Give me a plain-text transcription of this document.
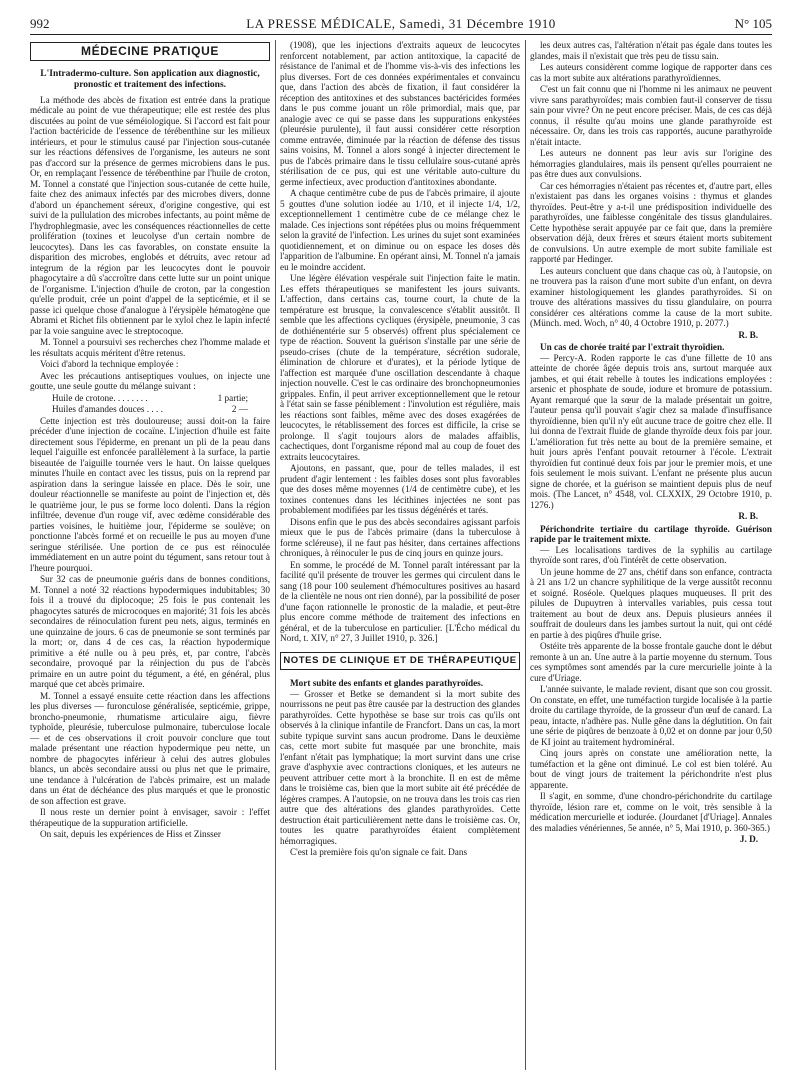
992	LA PRESSE MÉDICALE, Samedi, 31 Décembre 1910	N° 105
MÉDECINE PRATIQUE
L'Intradermo-culture. Son application aux diagnostic, pronostic et traitement des infections.

La méthode des abcès de fixation est entrée dans la pratique médicale au point de vue thérapeutique; elle est restée des plus discutées au point de vue séméiologique. Si l'accord est fait pour l'action bactéricide de l'essence de térébenthine sur les milieux intérieurs, et pour le stimulus causé par l'injection sous-cutanée sur les réactions défensives de l'organisme, les auteurs ne sont pas d'accord sur la présence de germes microbiens dans le pus. Or, en remplaçant l'essence de térébenthine par l'huile de croton, M. Tonnel a constaté que l'injection sous-cutanée de cette huile, faite chez des animaux infectés par des microbes divers, donne d'abord un épanchement séreux, d'origine congestive, qui est suivi de la pullulation des microbes infectants, au point même de l'hydrophlegmasie, avec les conséquences réactionnelles de cette prolifération (toxines et leucolyse d'un certain nombre de leucocytes). Dans les cas favorables, on constate ensuite la disparition des microbes, englobés et détruits, avec retour ad integrum de la région par les leucocytes dont le pouvoir phagocytaire a dû s'accroître dans cette lutte sur un point unique de l'organisme. L'injection d'huile de croton, par la congestion qu'elle produit, crée un point d'appel de la septicémie, et il se passe ici quelque chose d'analogue à l'érysipèle hématogène que Abrami et Richet fils obtiennent par le xylol chez le lapin infecté par la voie sanguine avec le streptocoque.

M. Tonnel a poursuivi ses recherches chez l'homme malade et les résultats acquis méritent d'être retenus.

Voici d'abord la technique employée :

Avec les précautions antiseptiques voulues, on injecte une goutte, une seule goutte du mélange suivant :

Huile de crotone. . . . . . . .	1 partie;
Huiles d'amandes douces . . . .	2 —

Cette injection est très douloureuse; aussi doit-on la faire précéder d'une injection de cocaïne. L'injection d'huile est faite directement sous l'épiderme, en prenant un pli de la peau dans lequel l'aiguille est enfoncée parallèlement à la surface, la partie biseautée de l'aiguille tournée vers le haut. On laisse quelques minutes l'huile en contact avec les tissus, puis on la reprend par aspiration dans la seringue laissée en place. Dès le soir, une douleur réactionnelle se manifeste au point de l'injection et, dès le quatrième jour, le pus se forme loco dolenti. Dans la région infiltrée, devenue d'un rouge vif, avec œdème considérable des parties voisines, le huitième jour, l'épiderme se soulève; on ponctionne l'abcès formé et on recueille le pus au moyen d'une seringue stérilisée. Une portion de ce pus est réinoculée immédiatement en un autre point du tégument, sans retour tout à l'heure pourquoi.

Sur 32 cas de pneumonie guéris dans de bonnes conditions, M. Tonnel a noté 32 réactions hypodermiques indubitables; 30 fois il a trouvé du diplocoque; 25 fois le pus contenait les phagocytes saturés de microcoques en majorité; 31 fois les abcès secondaires de réinoculation furent peu nets, aigus, terminés en une quinzaine de jours. 6 cas de pneumonie se sont terminés par la mort; or, dans 4 de ces cas, la réaction hypodermique primitive a été nulle ou à peu près, et, par contre, l'abcès secondaire, provoqué par la réinjection du pus de l'abcès primaire en un autre point du tégument, a été, en général, plus marqué que cet abcès primaire.

M. Tonnel a essayé ensuite cette réaction dans les affections les plus diverses — furonculose généralisée, septicémie, grippe, broncho-pneumonie, rhumatisme articulaire aigu, fièvre typhoïde, pleurésie, tuberculose pulmonaire, tuberculose locale — et de ces observations il croit pouvoir conclure que tout malade présentant une réaction hypodermique peu nette, un nombre de phagocytes inférieur à celui des autres globules blancs, un abcès secondaire aussi ou plus net que le primaire, une tendance à l'ulcération de l'abcès primaire, est un malade dans un état de déchéance des plus marqués et que le pronostic de son affection est grave.

Il nous reste un dernier point à envisager, savoir : l'effet thérapeutique de la suppuration artificielle.

On sait, depuis les expériences de Hiss et Zinsser

(1908), que les injections d'extraits aqueux de leucocytes renforcent notablement, par action antitoxique, la capacité de résistance de l'animal et de l'homme vis-à-vis des infections les plus diverses. Fort de ces données expérimentales et convaincu que, dans l'action des abcès de fixation, il faut considérer la réception des antitoxines et des substances bactéricides formées dans le pus comme jouant un rôle primordial, mais que, par analogie avec ce qui se passe dans les suppurations enkystées (pleurésie purulente), il faut aussi considérer cette résorption comme entravée, diminuée par la réaction de défense des tissus sains voisins, M. Tonnel a alors songé à injecter directement le pus de l'abcès primaire dans le tissu cellulaire sous-cutané après stérilisation de ce pus, qui est une véritable auto-culture du germe infectieux, avec production d'antitoxines abondante.

A chaque centimètre cube de pus de l'abcès primaire, il ajoute 5 gouttes d'une solution iodée au 1/10, et il injecte 1/4, 1/2, exceptionnellement 1 centimètre cube de ce mélange chez le malade. Ces injections sont répétées plus ou moins fréquemment selon la gravité de l'infection. Les urines du sujet sont examinées quotidiennement, et on diminue ou on espace les doses dès l'apparition de l'albumine. En opérant ainsi, M. Tonnel n'a jamais eu le moindre accident.

Une légère élévation vespérale suit l'injection faite le matin. Les effets thérapeutiques se manifestent les jours suivants. L'affection, dans certains cas, tourne court, la chute de la température est brusque, la convalescence s'établit aussitôt. Il semble que les affections cycliques (érysipèle, pneumonie, 3 cas de dothiénentérie sur 5 observés) offrent plus spécialement ce type de réaction. Souvent la guérison s'installe par une série de pseudo-crises (chute de la température, sécrétion sudorale, élimination de chlorure et d'urates), et la période lytique de l'affection est marquée d'une oscillation descendante à chaque injection nouvelle. C'est le cas ordinaire des bronchopneumonies grippales. Enfin, il peut arriver exceptionnellement que le retour à l'état sain se fasse péniblement : l'involution est régulière, mais les réactions sont faibles, même avec des doses exagérées de leucocytes, le rétablissement des forces est difficile, la crise se prolonge. Il s'agit toujours alors de malades affaiblis, cachectiques, dont l'organisme répond mal au coup de fouet des extraits leucocytaires.

Ajoutons, en passant, que, pour de telles malades, il est prudent d'agir lentement : les faibles doses sont plus favorables que des doses même moyennes (1/4 de centimètre cube), et les toxines contenues dans les lécithines injectées ne sont pas probablement modifiées par les tissus dégénérés et tarés.

Disons enfin que le pus des abcès secondaires agissant parfois mieux que le pus de l'abcès primaire (dans la tuberculose à forme scléreuse), il ne faut pas hésiter, dans certaines affections chroniques, à réinoculer le pus de cinq jours en quinze jours.

En somme, le procédé de M. Tonnel paraît intéressant par la facilité qu'il présente de trouver les germes qui circulent dans le sang (18 pour 100 seulement d'hémocultures positives au hasard de la clientèle ne nous ont rien donné), par la possibilité de poser d'une façon rationnelle le pronostic de la maladie, et peut-être plus encore comme méthode de traitement des infections en général, et de la tuberculose en particulier. [L'Écho médical du Nord, t. XIV, n° 27, 3 Juillet 1910, p. 326.]

NOTES DE CLINIQUE ET DE THÉRAPEUTIQUE
Mort subite des enfants et glandes parathyroïdes.

— Grosser et Betke se demandent si la mort subite des nourrissons ne peut pas être causée par la destruction des glandes parathyroïdes. Cette hypothèse se base sur trois cas qu'ils ont observés à la clinique infantile de Francfort. Dans un cas, la mort subite typique survint sans aucun prodrome. Dans le deuxième cas, cette mort subite fut masquée par une bronchite, mais l'enfant n'était pas lymphatique; la mort survint dans une crise grave d'asphyxie avec contractions cloniques, et les auteurs ne peuvent attribuer cette mort à la bronchite. Il en est de même dans le troisième cas, bien que la mort subite ait été précédée de légères crampes. A l'autopsie, on ne trouva dans les trois cas rien autre que des altérations des glandes parathyroïdes. Cette destruction était particulièrement nette dans le troisième cas. Or, toutes les quatre parathyroïdes étaient complètement hémorragiques.

C'est la première fois qu'on signale ce fait. Dans

les deux autres cas, l'altération n'était pas égale dans toutes les glandes, mais il n'existait que très peu de tissu sain.

Les auteurs considèrent comme logique de rapporter dans ces cas la mort subite aux altérations parathyroïdiennes.

C'est un fait connu que ni l'homme ni les animaux ne peuvent vivre sans parathyroïdes; mais combien faut-il conserver de tissu sain pour vivre? On ne peut encore préciser. Mais, de ces cas déjà connus, il résulte qu'au moins une glande parathyroïde est nécessaire. Or, dans les trois cas rapportés, aucune parathyroïde n'était intacte.

Les auteurs ne donnent pas leur avis sur l'origine des hémorragies glandulaires, mais ils pensent qu'elles pourraient ne pas être dues aux convulsions.

Car ces hémorragies n'étaient pas récentes et, d'autre part, elles n'existaient pas dans les organes voisins : thymus et glandes thyroïdes. Peut-être y a-t-il une prédisposition individuelle des parathyroïdes, une faiblesse congénitale des tissus glandulaires. Cette hypothèse serait appuyée par ce fait que, dans la première observation déjà, deux frères et sœurs étaient morts subitement de convulsions. Un autre exemple de mort subite familiale est rapporté par Hedinger.

Les auteurs concluent que dans chaque cas où, à l'autopsie, on ne trouvera pas la raison d'une mort subite d'un enfant, on devra examiner histologiquement les glandes parathyroïdes. Si on trouve des altérations massives du tissu glandulaire, on pourra considérer ces altérations comme la cause de la mort subite. (Münch. med. Woch, n° 40, 4 Octobre 1910, p. 2077.)

R. B.
Un cas de chorée traité par l'extrait thyroïdien.

— Percy-A. Roden rapporte le cas d'une fillette de 10 ans atteinte de chorée âgée depuis trois ans, surtout marquée aux jambes, et qui était rebelle à toutes les indications employées : arsenic et phosphate de soude, iodure et bromure de potassium. Ayant remarqué que la sœur de la malade présentait un goitre, l'auteur pensa qu'il pouvait s'agir chez sa malade d'insuffisance thyroïdienne, bien qu'il n'y eût aucune trace de goitre chez elle. Il lui donna de l'extrait fluide de glande thyroïde deux fois par jour. L'amélioration fut très nette au bout de la première semaine, et huit jours après l'enfant pouvait retourner à l'école. L'extrait thyroïdien fut continué deux fois par jour le premier mois, et une fois seulement le mois suivant. L'enfant ne présente plus aucun signe de chorée, et la guérison se maintient depuis plus de neuf mois. (The Lancet, n° 4548, vol. CLXXIX, 29 Octobre 1910, p. 1276.)

R. B.
Périchondrite tertiaire du cartilage thyroïde. Guérison rapide par le traitement mixte.

— Les localisations tardives de la syphilis au cartilage thyroïde sont rares, d'où l'intérêt de cette observation.

Un jeune homme de 27 ans, chétif dans son enfance, contracta à 21 ans 1/2 un chancre syphilitique de la verge aussitôt reconnu et soigné. Roséole. Quelques plaques muqueuses. Il prit des pilules de Dupuytren à intervalles variables, puis cessa tout traitement au bout de deux ans. Depuis plusieurs années il souffrait de douleurs dans les jambes surtout la nuit, qui ont cédé en partie à des piqûres d'huile grise.

Ostéite très apparente de la bosse frontale gauche dont le début remonte à un an. Une autre à la partie moyenne du sternum. Tous ces symptômes sont amendés par la cure mercurielle jointe à la cure d'Uriage.

L'année suivante, le malade revient, disant que son cou grossit. On constate, en effet, une tuméfaction turgide localisée à la partie droite du cartilage thyroïde, de la grosseur d'un œuf de canard. La peau, intacte, n'adhère pas. Nulle gêne dans la déglutition. On fait une série de piqûres de benzoate à 0,02 et on donne par jour 0,50 de KI joint au traitement hydrominéral.

Cinq jours après on constate une amélioration nette, la tuméfaction et la gêne ont diminué. Le col est bien toléré. Au bout de vingt jours de traitement la périchondrite n'est plus apparente.

Il s'agit, en somme, d'une chondro-périchondrite du cartilage thyroïde, lésion rare et, comme on le voit, très sensible à la médication mercurielle et iodurée. (Jourdanet [d'Uriage]. Annales des maladies vénériennes, 5e année, n° 5, Mai 1910, p. 360-365.)

J. D.
